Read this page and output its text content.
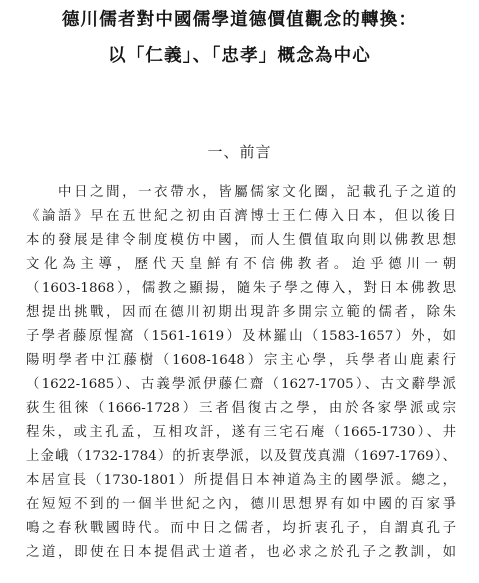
德川儒者對中國儒學道德價值觀念的轉換：
以「仁義」、「忠孝」概念為中心
一、前言
　　中日之間，一衣帶水，皆屬儒家文化圈，記載孔子之道的
《論語》早在五世紀之初由百濟博士王仁傳入日本，但以後日
本的發展是律令制度模仿中國，而人生價值取向則以佛教思想
文化為主導，歷代天皇鮮有不信佛教者。迨乎德川一朝
（1603-1868），儒教之顯揚，隨朱子學之傳入，對日本佛教思
想提出挑戰，因而在德川初期出現許多開宗立範的儒者，除朱
子學者藤原惺窩（1561-1619）及林羅山（1583-1657）外，如
陽明學者中江藤樹（1608-1648）宗主心學，兵學者山鹿素行
（1622-1685）、古義學派伊藤仁齋（1627-1705）、古文辭學派
荻生徂徠（1666-1728）三者倡復古之學，由於各家學派或宗
程朱，或主孔孟，互相攻訐，遂有三宅石庵（1665-1730）、井
上金峨（1732-1784）的折衷學派，以及賀茂真淵（1697-1769）、
本居宣長（1730-1801）所提倡日本神道為主的國學派。總之，
在短短不到的一個半世紀之內，德川思想界有如中國的百家爭
鳴之春秋戰國時代。而中日之儒者，均折衷孔子，自謂真孔子
之道，即使在日本提倡武士道者，也必求之於孔子之教訓，如
